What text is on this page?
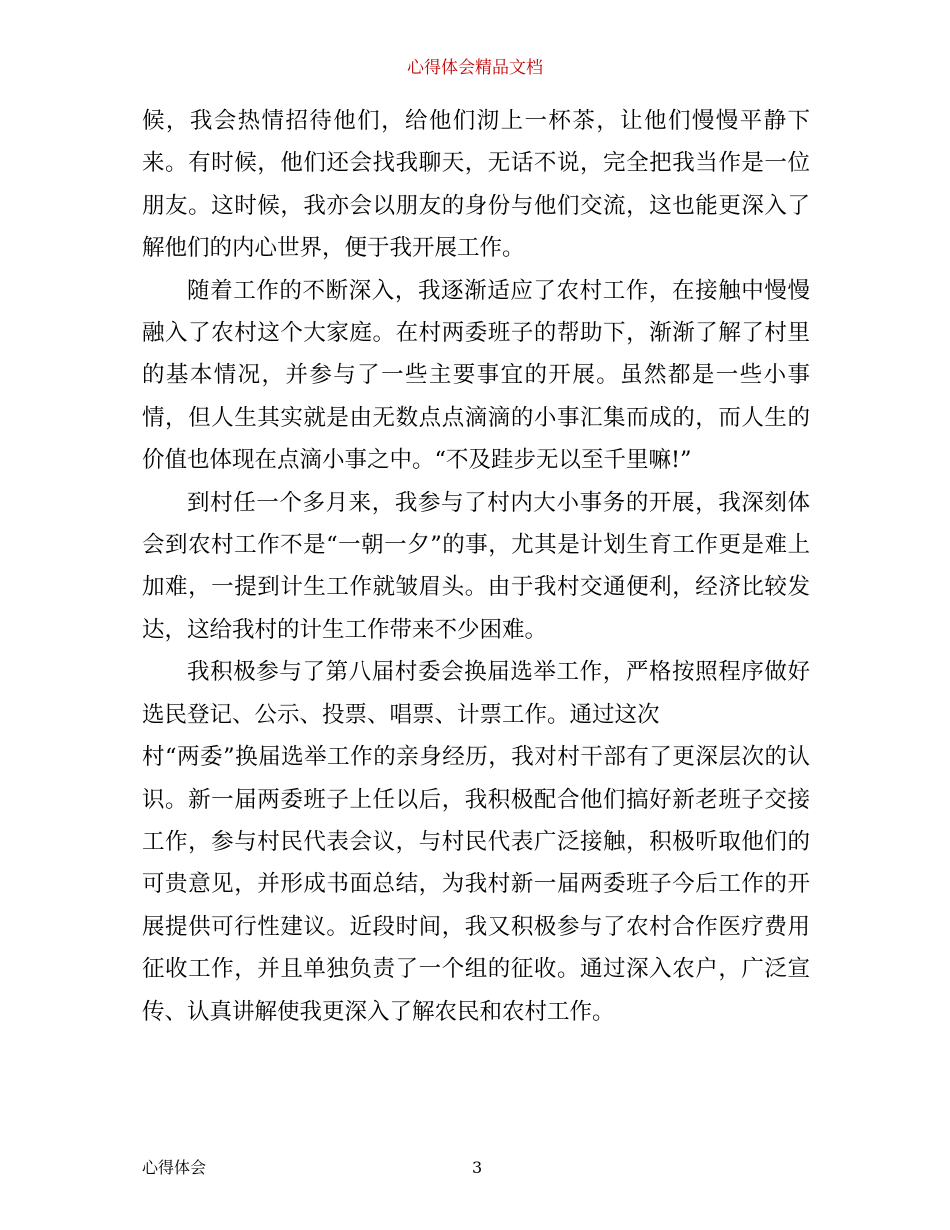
心得体会精品文档

候，我会热情招待他们，给他们沏上一杯茶，让他们慢慢平静下来。有时候，他们还会找我聊天，无话不说，完全把我当作是一位朋友。这时候，我亦会以朋友的身份与他们交流，这也能更深入了解他们的内心世界，便于我开展工作。

随着工作的不断深入，我逐渐适应了农村工作，在接触中慢慢融入了农村这个大家庭。在村两委班子的帮助下，渐渐了解了村里的基本情况，并参与了一些主要事宜的开展。虽然都是一些小事情，但人生其实就是由无数点点滴滴的小事汇集而成的，而人生的价值也体现在点滴小事之中。“不及跬步无以至千里嘛!”

到村任一个多月来，我参与了村内大小事务的开展，我深刻体会到农村工作不是“一朝一夕”的事，尤其是计划生育工作更是难上加难，一提到计生工作就皱眉头。由于我村交通便利，经济比较发达，这给我村的计生工作带来不少困难。

我积极参与了第八届村委会换届选举工作，严格按照程序做好选民登记、公示、投票、唱票、计票工作。通过这次

村“两委”换届选举工作的亲身经历，我对村干部有了更深层次的认识。新一届两委班子上任以后，我积极配合他们搞好新老班子交接工作，参与村民代表会议，与村民代表广泛接触，积极听取他们的可贵意见，并形成书面总结，为我村新一届两委班子今后工作的开展提供可行性建议。近段时间，我又积极参与了农村合作医疗费用征收工作，并且单独负责了一个组的征收。通过深入农户，广泛宣传、认真讲解使我更深入了解农民和农村工作。

心得体会	3
